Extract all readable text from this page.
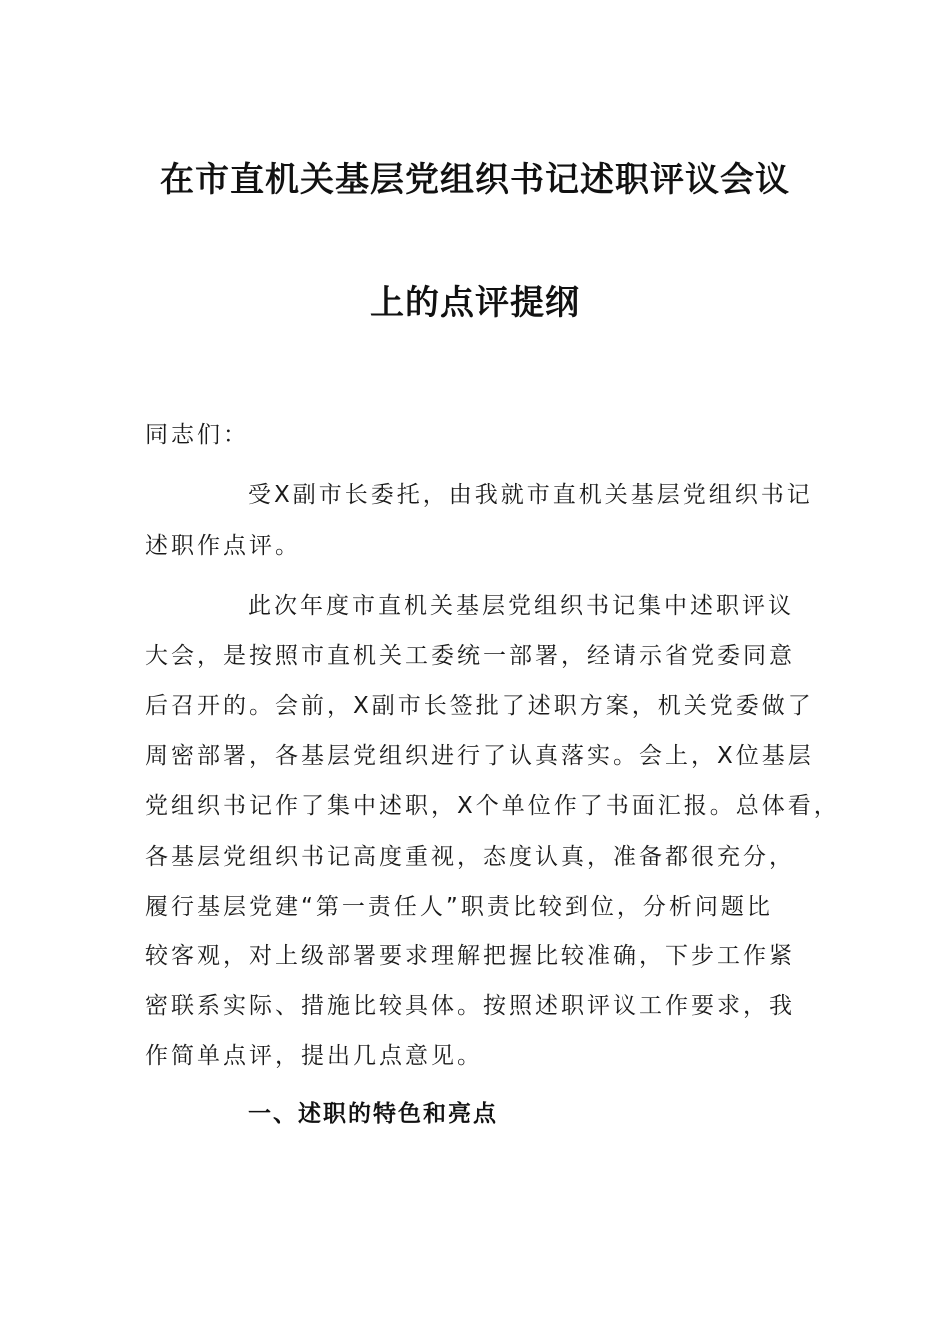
在市直机关基层党组织书记述职评议会议
上的点评提纲
同志们：
受X副市长委托，由我就市直机关基层党组织书记
述职作点评。
此次年度市直机关基层党组织书记集中述职评议
大会，是按照市直机关工委统一部署，经请示省党委同意
后召开的。会前，X副市长签批了述职方案，机关党委做了
周密部署，各基层党组织进行了认真落实。会上，X位基层
党组织书记作了集中述职，X个单位作了书面汇报。总体看，
各基层党组织书记高度重视，态度认真，准备都很充分，
履行基层党建“第一责任人”职责比较到位，分析问题比
较客观，对上级部署要求理解把握比较准确，下步工作紧
密联系实际、措施比较具体。按照述职评议工作要求，我
作简单点评，提出几点意见。
一、述职的特色和亮点
